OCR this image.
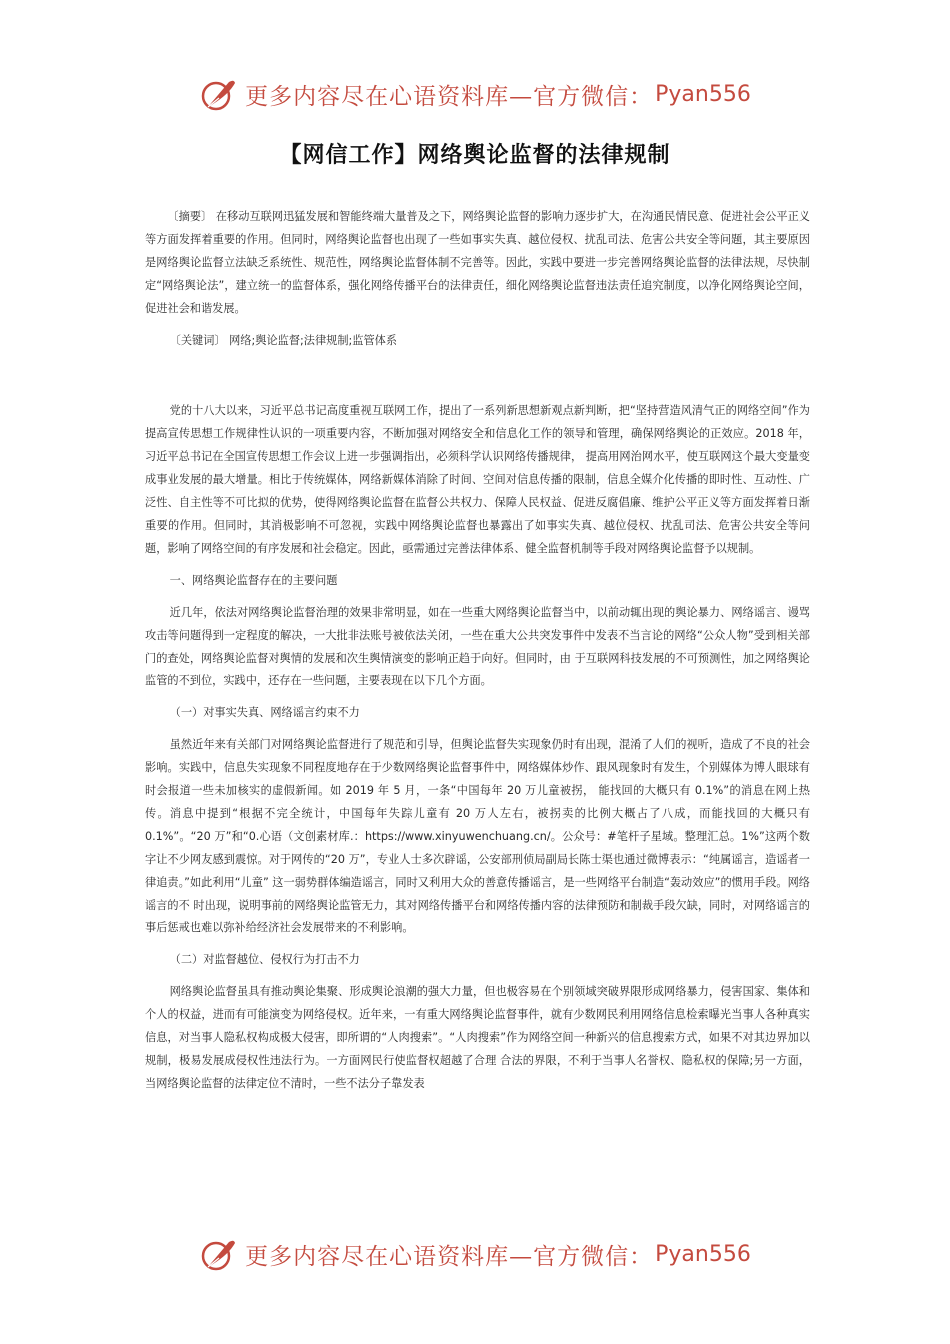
更多内容尽在心语资料库—官方微信： Pyan556
【网信工作】网络舆论监督的法律规制

〔摘要〕 在移动互联网迅猛发展和智能终端大量普及之下，网络舆论监督的影响力逐步扩大，在沟通民情民意、促进社会公平正义等方面发挥着重要的作用。但同时，网络舆论监督也出现了一些如事实失真、越位侵权、扰乱司法、危害公共安全等问题，其主要原因是网络舆论监督立法缺乏系统性、规范性，网络舆论监督体制不完善等。因此，实践中要进一步完善网络舆论监督的法律法规，尽快制定“网络舆论法”，建立统一的监督体系，强化网络传播平台的法律责任，细化网络舆论监督违法责任追究制度，以净化网络舆论空间，促进社会和谐发展。

〔关键词〕 网络;舆论监督;法律规制;监管体系

党的十八大以来，习近平总书记高度重视互联网工作，提出了一系列新思想新观点新判断，把“坚持营造风清气正的网络空间”作为提高宣传思想工作规律性认识的一项重要内容，不断加强对网络安全和信息化工作的领导和管理，确保网络舆论的正效应。2018 年，习近平总书记在全国宣传思想工作会议上进一步强调指出，必须科学认识网络传播规律， 提高用网治网水平，使互联网这个最大变量变成事业发展的最大增量。相比于传统媒体，网络新媒体消除了时间、空间对信息传播的限制，信息全媒介化传播的即时性、互动性、广泛性、自主性等不可比拟的优势，使得网络舆论监督在监督公共权力、保障人民权益、促进反腐倡廉、维护公平正义等方面发挥着日渐重要的作用。但同时，其消极影响不可忽视，实践中网络舆论监督也暴露出了如事实失真、越位侵权、扰乱司法、危害公共安全等问题，影响了网络空间的有序发展和社会稳定。因此，亟需通过完善法律体系、健全监督机制等手段对网络舆论监督予以规制。

一、网络舆论监督存在的主要问题

近几年，依法对网络舆论监督治理的效果非常明显，如在一些重大网络舆论监督当中，以前动辄出现的舆论暴力、网络谣言、谩骂攻击等问题得到一定程度的解决，一大批非法账号被依法关闭，一些在重大公共突发事件中发表不当言论的网络“公众人物”受到相关部门的查处，网络舆论监督对舆情的发展和次生舆情演变的影响正趋于向好。但同时，由 于互联网科技发展的不可预测性，加之网络舆论监管的不到位，实践中，还存在一些问题，主要表现在以下几个方面。

（一）对事实失真、网络谣言约束不力

虽然近年来有关部门对网络舆论监督进行了规范和引导，但舆论监督失实现象仍时有出现，混淆了人们的视听，造成了不良的社会影响。实践中，信息失实现象不同程度地存在于少数网络舆论监督事件中，网络媒体炒作、跟风现象时有发生，个别媒体为博人眼球有时会报道一些未加核实的虚假新闻。如 2019 年 5 月，一条“中国每年 20 万儿童被拐， 能找回的大概只有 0.1%”的消息在网上热传。消息中提到“根据不完全统计，中国每年失踪儿童有 20 万人左右，被拐卖的比例大概占了八成，而能找回的大概只有 0.1%”。“20 万”和“0.心语（文创素材库.：https://www.xinyuwenchuang.cn/。公众号：#笔杆子星域。整理汇总。1%”这两个数字让不少网友感到震惊。对于网传的“20 万”，专业人士多次辟谣，公安部刑侦局副局长陈士渠也通过微博表示：“纯属谣言，造谣者一律追责。”如此利用“儿童” 这一弱势群体编造谣言，同时又利用大众的善意传播谣言，是一些网络平台制造“轰动效应”的惯用手段。网络谣言的不 时出现，说明事前的网络舆论监管无力，其对网络传播平台和网络传播内容的法律预防和制裁手段欠缺，同时，对网络谣言的事后惩戒也难以弥补给经济社会发展带来的不利影响。

（二）对监督越位、侵权行为打击不力

网络舆论监督虽具有推动舆论集聚、形成舆论浪潮的强大力量，但也极容易在个别领域突破界限形成网络暴力，侵害国家、集体和个人的权益，进而有可能演变为网络侵权。近年来，一有重大网络舆论监督事件，就有少数网民利用网络信息检索曝光当事人各种真实信息，对当事人隐私权构成极大侵害，即所谓的“人肉搜索”。“人肉搜索”作为网络空间一种新兴的信息搜索方式，如果不对其边界加以规制，极易发展成侵权性违法行为。一方面网民行使监督权超越了合理 合法的界限，不利于当事人名誉权、隐私权的保障;另一方面，当网络舆论监督的法律定位不清时，一些不法分子靠发表

更多内容尽在心语资料库—官方微信： Pyan556
